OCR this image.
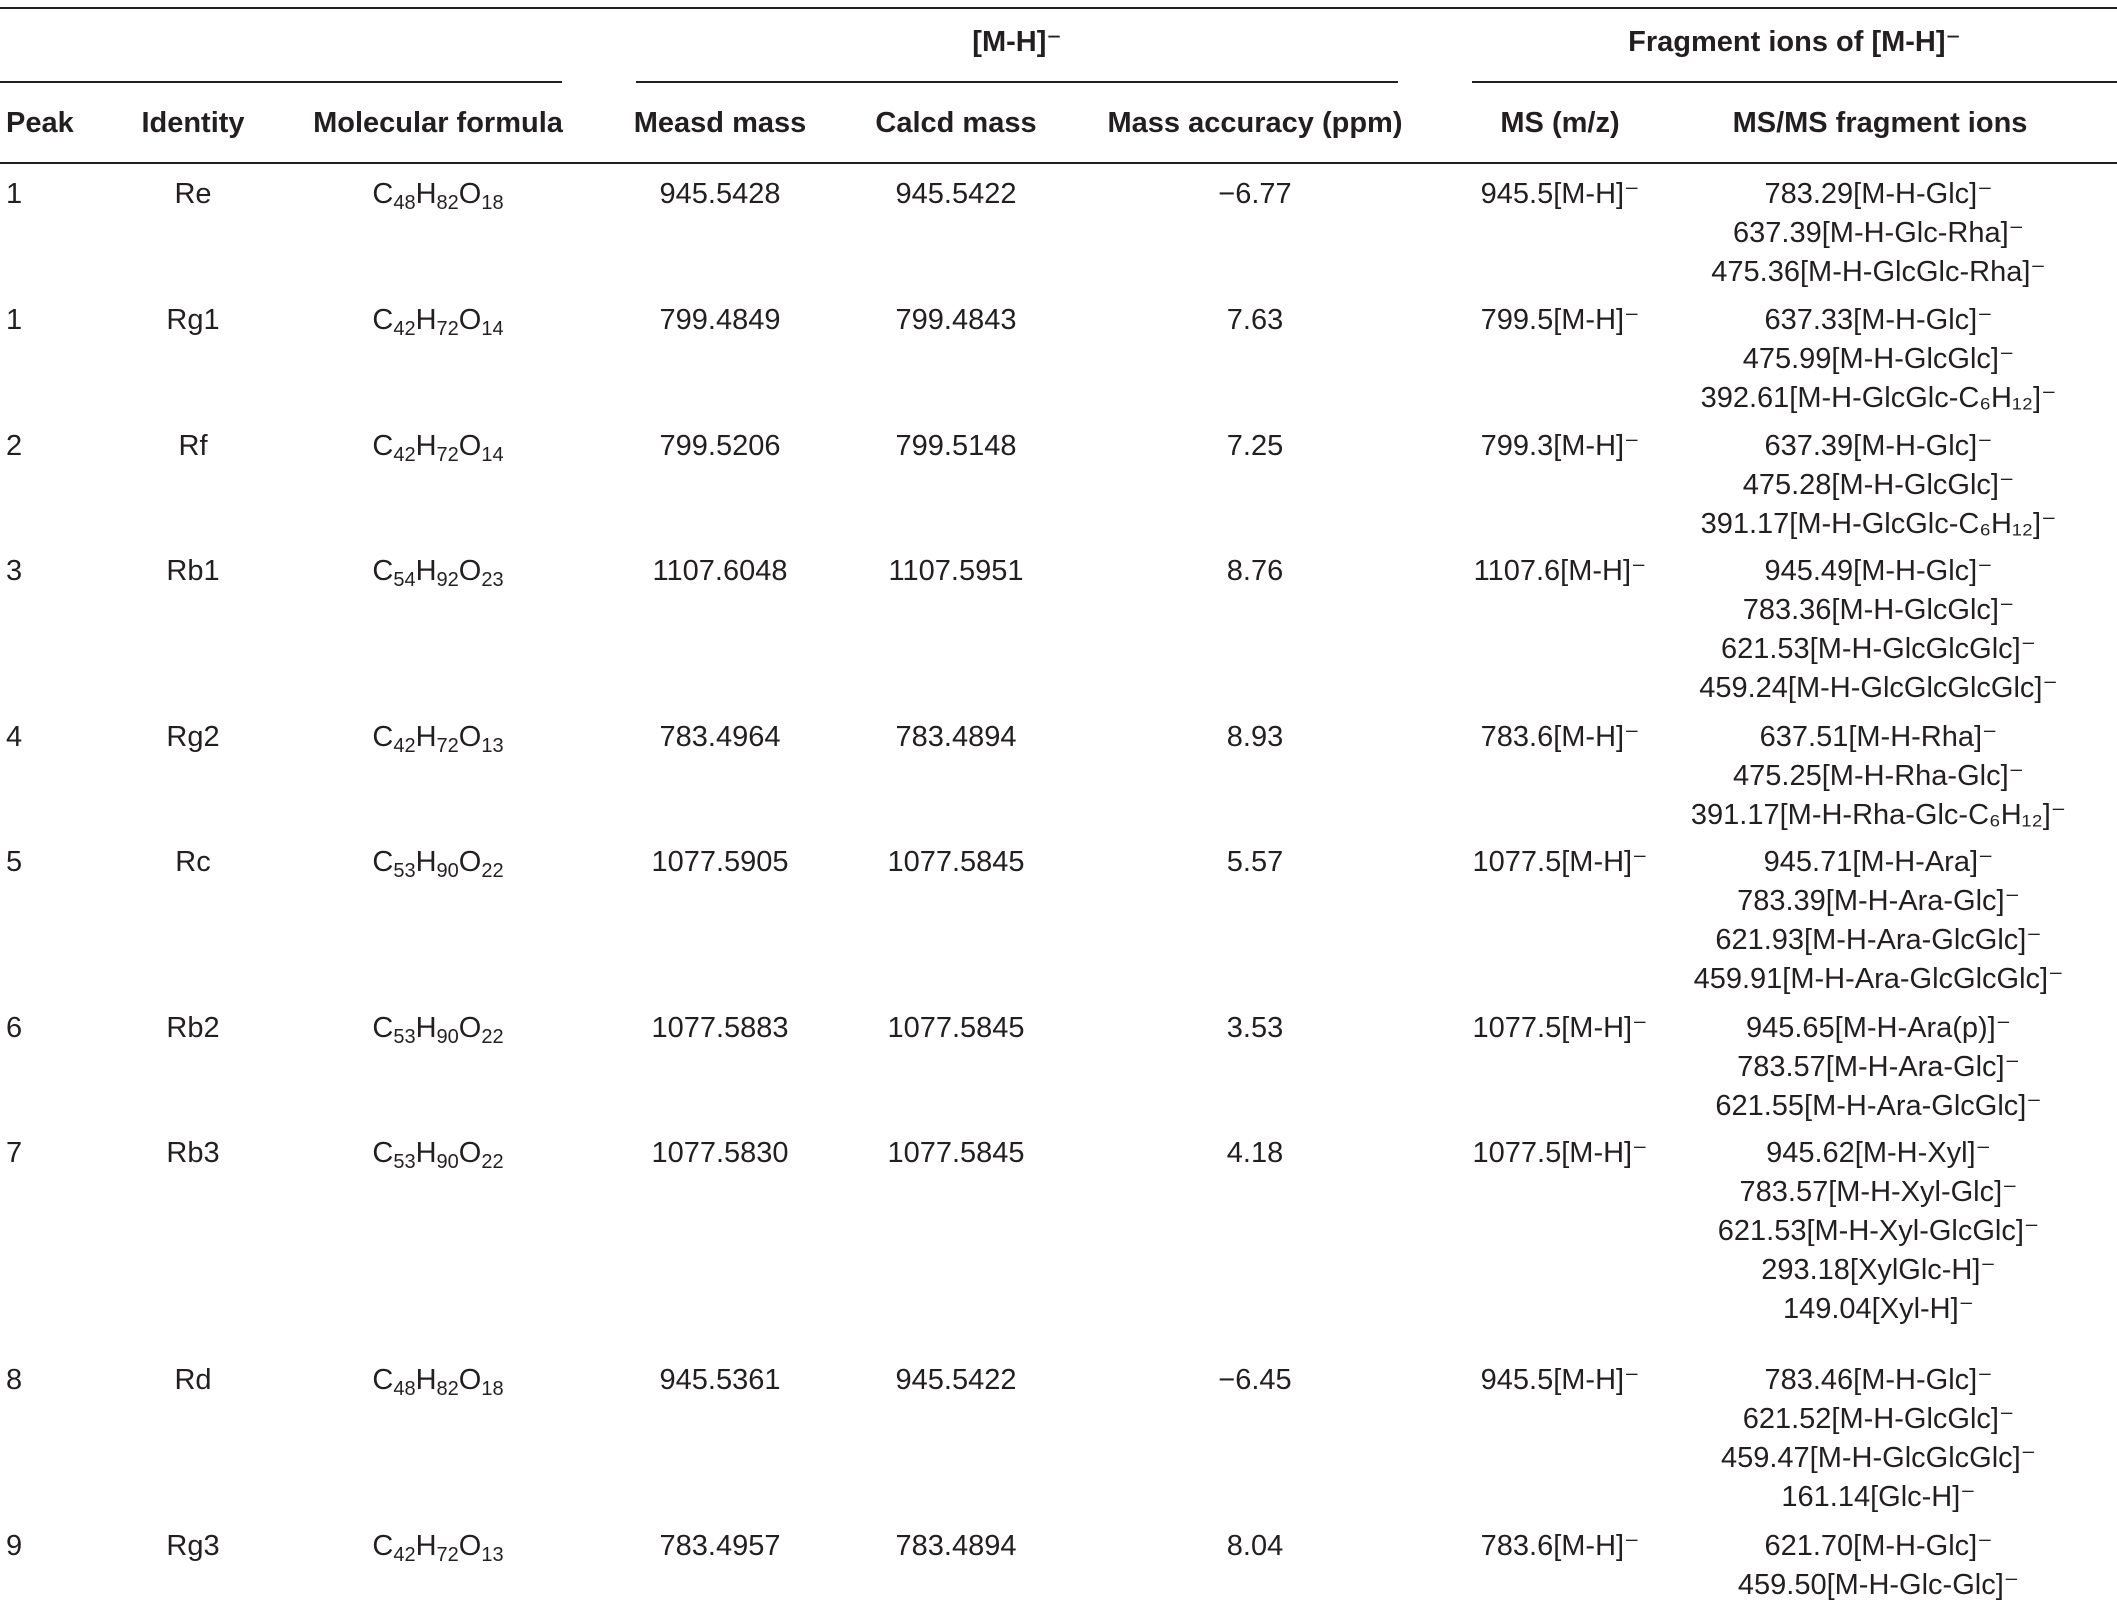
[M-H]⁻	Fragment ions of [M-H]⁻
Peak	Identity	Molecular formula	Measd mass	Calcd mass	Mass accuracy (ppm)	MS (m/z)	MS/MS fragment ions
1	Re	$C_{48}H_{82}O_{18}$	945.5428	945.5422	−6.77	945.5[M-H]⁻	783.29[M-H-Glc]⁻
637.39[M-H-Glc-Rha]⁻
475.36[M-H-GlcGlc-Rha]⁻
1	Rg1	$C_{42}H_{72}O_{14}$	799.4849	799.4843	7.63	799.5[M-H]⁻	637.33[M-H-Glc]⁻
475.99[M-H-GlcGlc]⁻
392.61[M-H-GlcGlc-C₆H₁₂]⁻
2	Rf	$C_{42}H_{72}O_{14}$	799.5206	799.5148	7.25	799.3[M-H]⁻	637.39[M-H-Glc]⁻
475.28[M-H-GlcGlc]⁻
391.17[M-H-GlcGlc-C₆H₁₂]⁻
3	Rb1	$C_{54}H_{92}O_{23}$	1107.6048	1107.5951	8.76	1107.6[M-H]⁻	945.49[M-H-Glc]⁻
783.36[M-H-GlcGlc]⁻
621.53[M-H-GlcGlcGlc]⁻
459.24[M-H-GlcGlcGlcGlc]⁻
4	Rg2	$C_{42}H_{72}O_{13}$	783.4964	783.4894	8.93	783.6[M-H]⁻	637.51[M-H-Rha]⁻
475.25[M-H-Rha-Glc]⁻
391.17[M-H-Rha-Glc-C₆H₁₂]⁻
5	Rc	$C_{53}H_{90}O_{22}$	1077.5905	1077.5845	5.57	1077.5[M-H]⁻	945.71[M-H-Ara]⁻
783.39[M-H-Ara-Glc]⁻
621.93[M-H-Ara-GlcGlc]⁻
459.91[M-H-Ara-GlcGlcGlc]⁻
6	Rb2	$C_{53}H_{90}O_{22}$	1077.5883	1077.5845	3.53	1077.5[M-H]⁻	945.65[M-H-Ara(p)]⁻
783.57[M-H-Ara-Glc]⁻
621.55[M-H-Ara-GlcGlc]⁻
7	Rb3	$C_{53}H_{90}O_{22}$	1077.5830	1077.5845	4.18	1077.5[M-H]⁻	945.62[M-H-Xyl]⁻
783.57[M-H-Xyl-Glc]⁻
621.53[M-H-Xyl-GlcGlc]⁻
293.18[XylGlc-H]⁻
149.04[Xyl-H]⁻
8	Rd	$C_{48}H_{82}O_{18}$	945.5361	945.5422	−6.45	945.5[M-H]⁻	783.46[M-H-Glc]⁻
621.52[M-H-GlcGlc]⁻
459.47[M-H-GlcGlcGlc]⁻
161.14[Glc-H]⁻
9	Rg3	$C_{42}H_{72}O_{13}$	783.4957	783.4894	8.04	783.6[M-H]⁻	621.70[M-H-Glc]⁻
459.50[M-H-Glc-Glc]⁻
